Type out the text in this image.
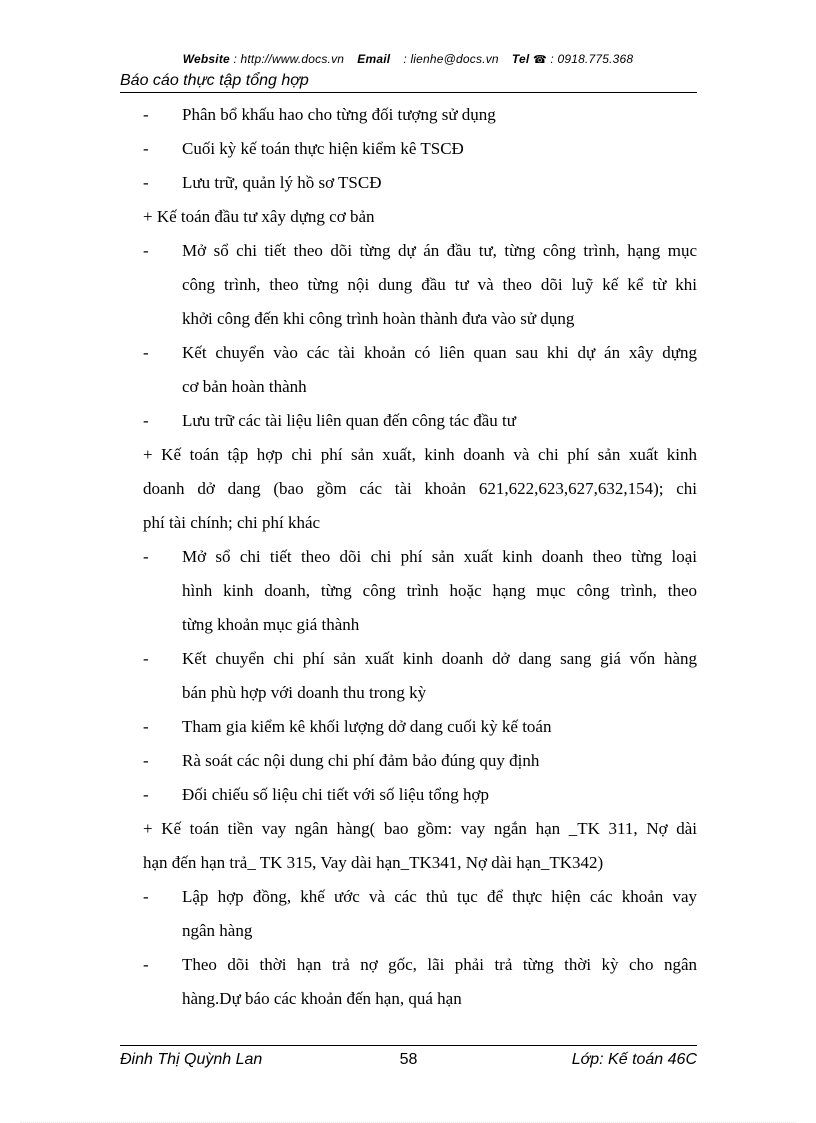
Website : http://www.docs.vn Email : lienhe@docs.vn Tel ☎ : 0918.775.368
Báo cáo thực tập tổng hợp
- Phân bổ khấu hao cho từng đối tượng sử dụng
- Cuối kỳ kế toán thực hiện kiểm kê TSCĐ
- Lưu trữ, quản lý hồ sơ TSCĐ
+ Kế toán đầu tư xây dựng cơ bản
- Mở sổ chi tiết theo dõi từng dự án đầu tư, từng công trình, hạng mục
công trình, theo từng nội dung đầu tư và theo dõi luỹ kế kể từ khi
khởi công đến khi công trình hoàn thành đưa vào sử dụng
- Kết chuyển vào các tài khoản có liên quan sau khi dự án xây dựng
cơ bản hoàn thành
- Lưu trữ các tài liệu liên quan đến công tác đầu tư
+ Kế toán tập hợp chi phí sản xuất, kinh doanh và chi phí sản xuất kinh
doanh dở dang (bao gồm các tài khoản 621,622,623,627,632,154); chi
phí tài chính; chi phí khác
- Mở sổ chi tiết theo dõi chi phí sản xuất kinh doanh theo từng loại
hình kinh doanh, từng công trình hoặc hạng mục công trình, theo
từng khoản mục giá thành
- Kết chuyển chi phí sản xuất kinh doanh dở dang sang giá vốn hàng
bán phù hợp với doanh thu trong kỳ
- Tham gia kiểm kê khối lượng dở dang cuối kỳ kế toán
- Rà soát các nội dung chi phí đảm bảo đúng quy định
- Đối chiếu số liệu chi tiết với số liệu tổng hợp
+ Kế toán tiền vay ngân hàng( bao gồm: vay ngắn hạn _TK 311, Nợ dài
hạn đến hạn trả_ TK 315, Vay dài hạn_TK341, Nợ dài hạn_TK342)
- Lập hợp đồng, khế ước và các thủ tục để thực hiện các khoản vay
ngân hàng
- Theo dõi thời hạn trả nợ gốc, lãi phải trả từng thời kỳ cho ngân
hàng.Dự báo các khoản đến hạn, quá hạn
Đinh Thị Quỳnh Lan	58	Lớp: Kế toán 46C
